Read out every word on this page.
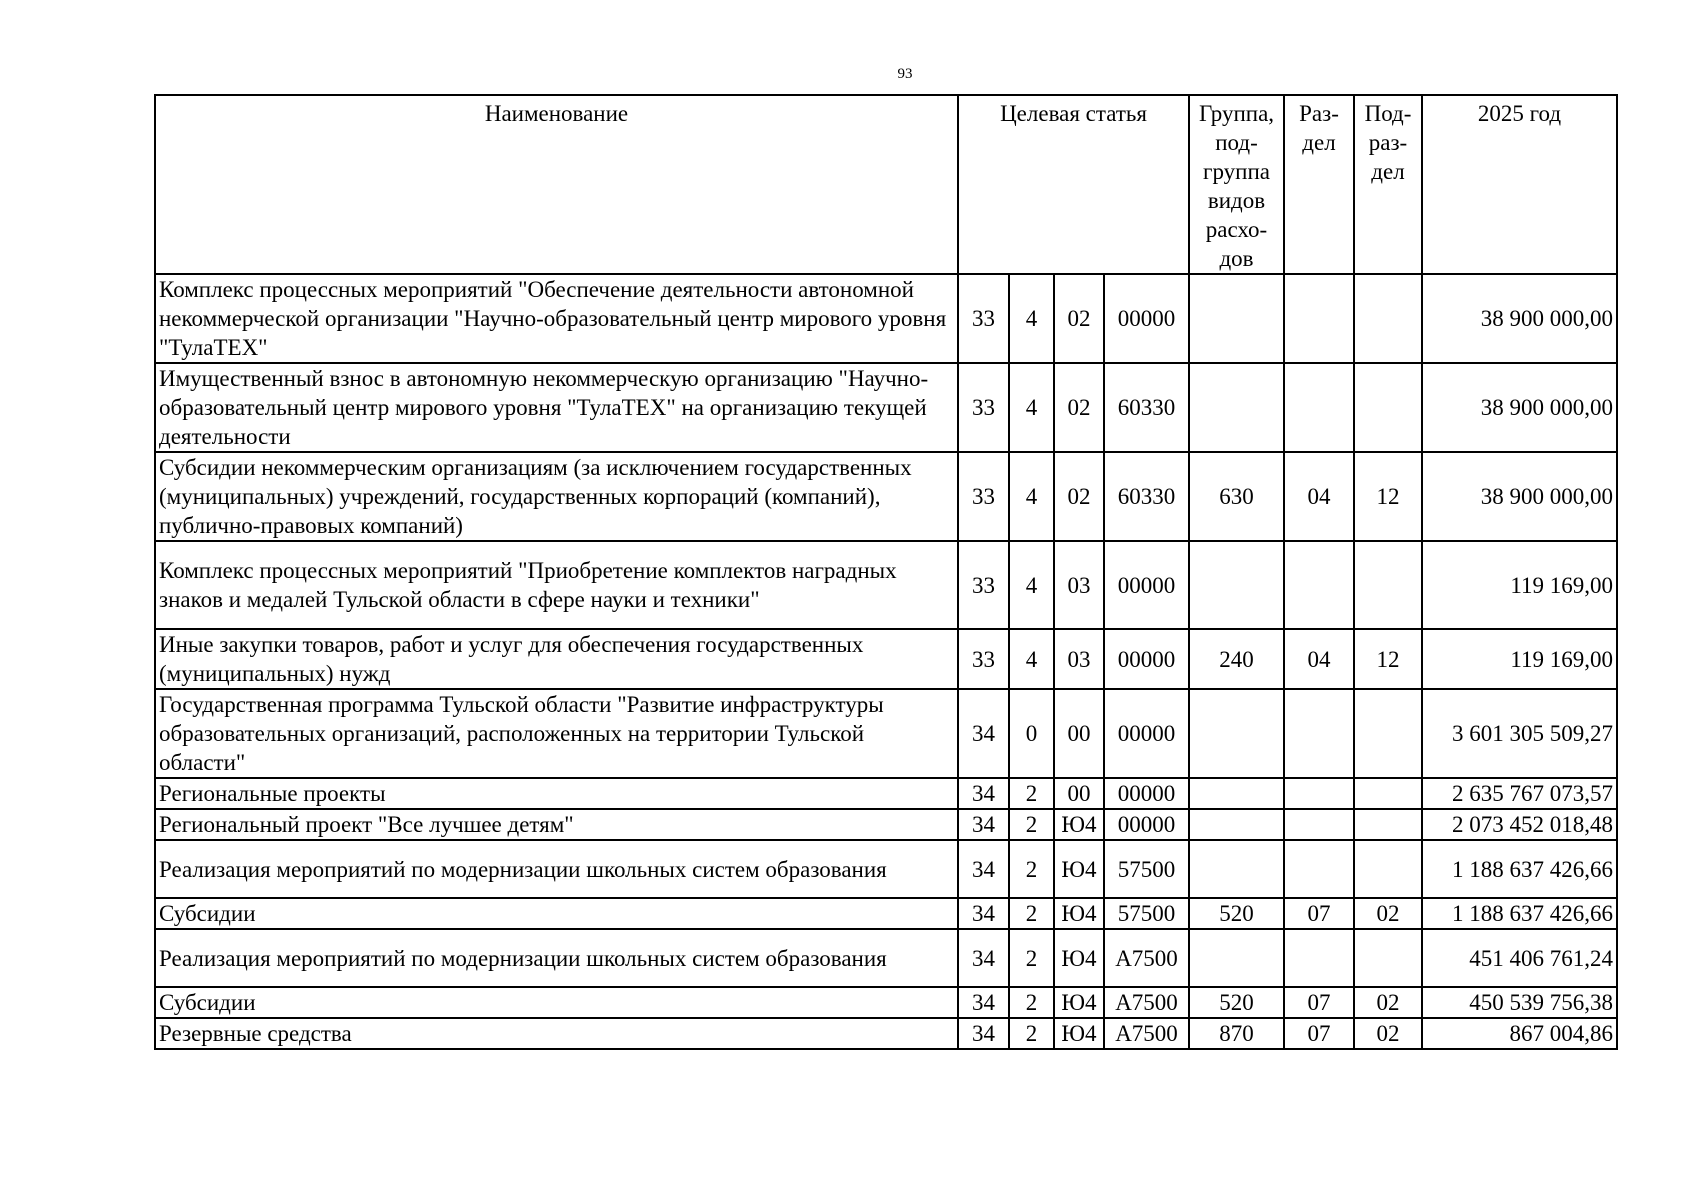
93
Наименование	Целевая статья				Группа, под-группа видов расхо-дов	Раз-дел	Под-раз-дел	2025 год
Комплекс процессных мероприятий "Обеспечение деятельности автономной некоммерческой организации "Научно-образовательный центр мирового уровня "ТулаТЕХ"	33	4	02	00000				38 900 000,00
Имущественный взнос в автономную некоммерческую организацию "Научно-образовательный центр мирового уровня "ТулаТЕХ" на организацию текущей деятельности	33	4	02	60330				38 900 000,00
Субсидии некоммерческим организациям (за исключением государственных (муниципальных) учреждений, государственных корпораций (компаний), публично-правовых компаний)	33	4	02	60330	630	04	12	38 900 000,00
Комплекс процессных мероприятий "Приобретение комплектов наградных знаков и медалей Тульской области в сфере науки и техники"	33	4	03	00000				119 169,00
Иные закупки товаров, работ и услуг для обеспечения государственных (муниципальных) нужд	33	4	03	00000	240	04	12	119 169,00
Государственная программа Тульской области "Развитие инфраструктуры образовательных организаций, расположенных на территории Тульской области"	34	0	00	00000				3 601 305 509,27
Региональные проекты	34	2	00	00000				2 635 767 073,57
Региональный проект "Все лучшее детям"	34	2	Ю4	00000				2 073 452 018,48
Реализация мероприятий по модернизации школьных систем образования	34	2	Ю4	57500				1 188 637 426,66
Субсидии	34	2	Ю4	57500	520	07	02	1 188 637 426,66
Реализация мероприятий по модернизации школьных систем образования	34	2	Ю4	А7500				451 406 761,24
Субсидии	34	2	Ю4	А7500	520	07	02	450 539 756,38
Резервные средства	34	2	Ю4	А7500	870	07	02	867 004,86
